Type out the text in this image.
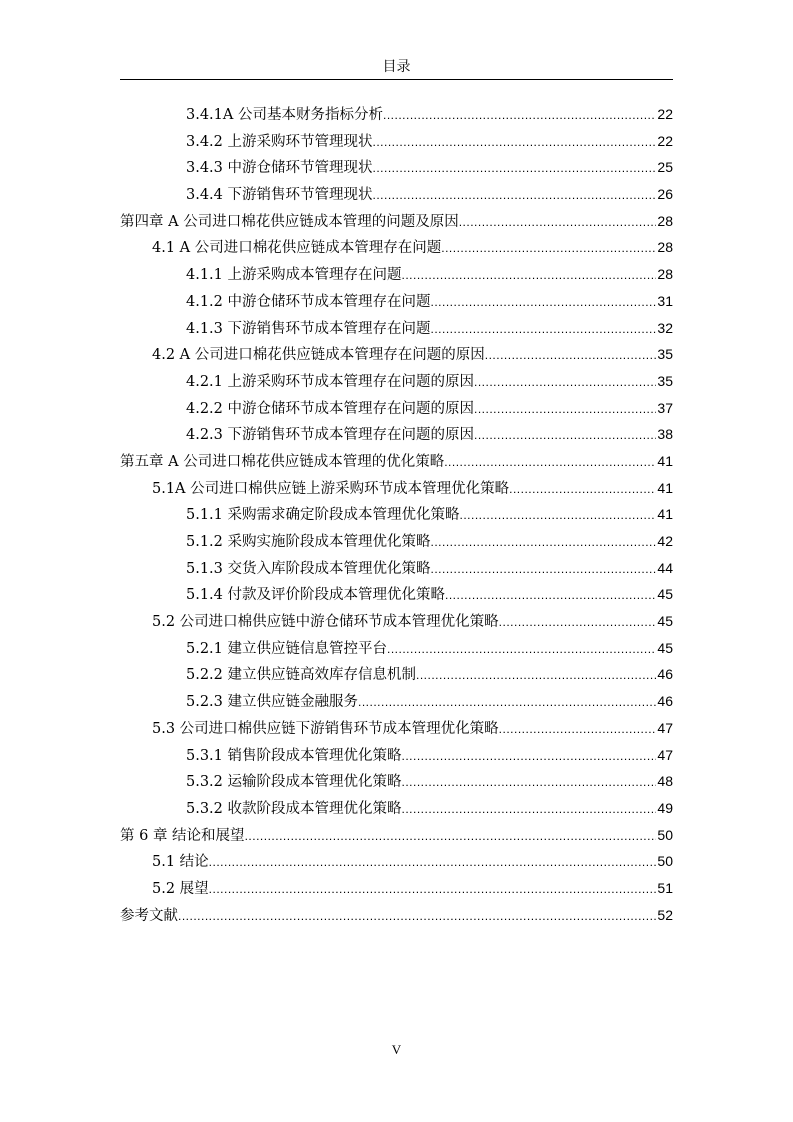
目录
3.4.1A 公司基本财务指标分析 .....	22
3.4.2 上游采购环节管理现状 .....	22
3.4.3 中游仓储环节管理现状 .....	25
3.4.4 下游销售环节管理现状 .....	26
第四章 A 公司进口棉花供应链成本管理的问题及原因 .....	28
4.1 A 公司进口棉花供应链成本管理存在问题 .....	28
4.1.1 上游采购成本管理存在问题 .....	28
4.1.2 中游仓储环节成本管理存在问题 .....	31
4.1.3 下游销售环节成本管理存在问题 .....	32
4.2 A 公司进口棉花供应链成本管理存在问题的原因 .....	35
4.2.1 上游采购环节成本管理存在问题的原因 .....	35
4.2.2 中游仓储环节成本管理存在问题的原因 .....	37
4.2.3 下游销售环节成本管理存在问题的原因 .....	38
第五章 A 公司进口棉花供应链成本管理的优化策略 .....	41
5.1A 公司进口棉供应链上游采购环节成本管理优化策略 .....	41
5.1.1 采购需求确定阶段成本管理优化策略 .....	41
5.1.2 采购实施阶段成本管理优化策略 .....	42
5.1.3 交货入库阶段成本管理优化策略 .....	44
5.1.4 付款及评价阶段成本管理优化策略 .....	45
5.2 公司进口棉供应链中游仓储环节成本管理优化策略 .....	45
5.2.1 建立供应链信息管控平台 .....	45
5.2.2 建立供应链高效库存信息机制 .....	46
5.2.3 建立供应链金融服务 .....	46
5.3 公司进口棉供应链下游销售环节成本管理优化策略 .....	47
5.3.1 销售阶段成本管理优化策略 .....	47
5.3.2 运输阶段成本管理优化策略 .....	48
5.3.2 收款阶段成本管理优化策略 .....	49
第 6 章 结论和展望 .....	50
5.1 结论 .....	50
5.2 展望 .....	51
参考文献 .....	52
V
